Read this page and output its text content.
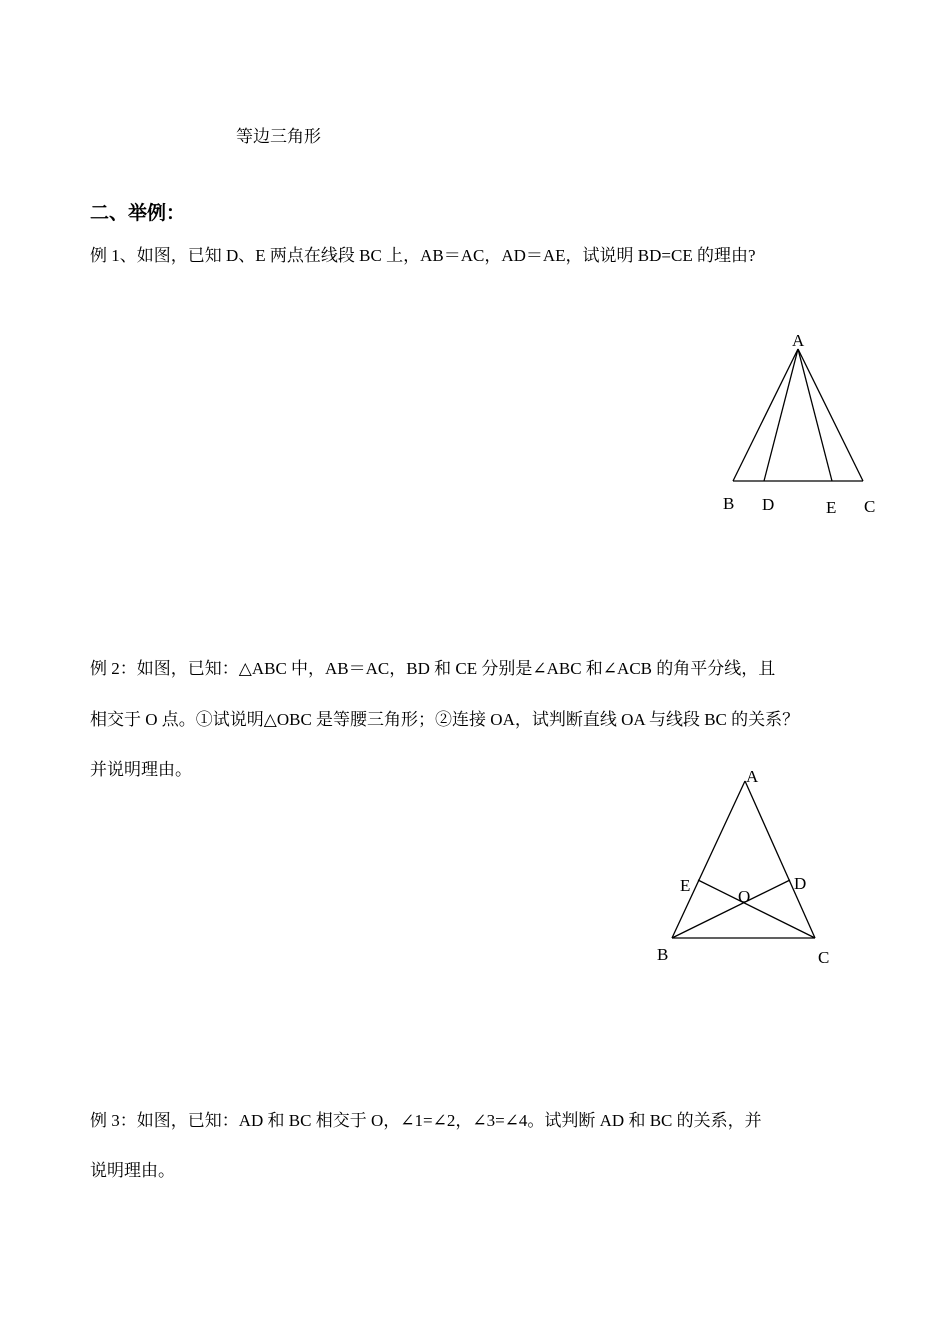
等边三角形
二、举例：
例 1、如图，已知 D、E 两点在线段 BC 上，AB＝AC，AD＝AE，试说明 BD=CE 的理由?
A
B D	E C
例 2：如图，已知：△ABC 中，AB＝AC，BD 和 CE 分别是∠ABC 和∠ACB 的角平分线，且
相交于 O 点。①试说明△OBC 是等腰三角形；②连接 OA，试判断直线 OA 与线段 BC 的关系？
并说明理由。	A
E
O
D
B	C
例 3：如图，已知：AD 和 BC 相交于 O，∠1=∠2，∠3=∠4。试判断 AD 和 BC 的关系，并
说明理由。
